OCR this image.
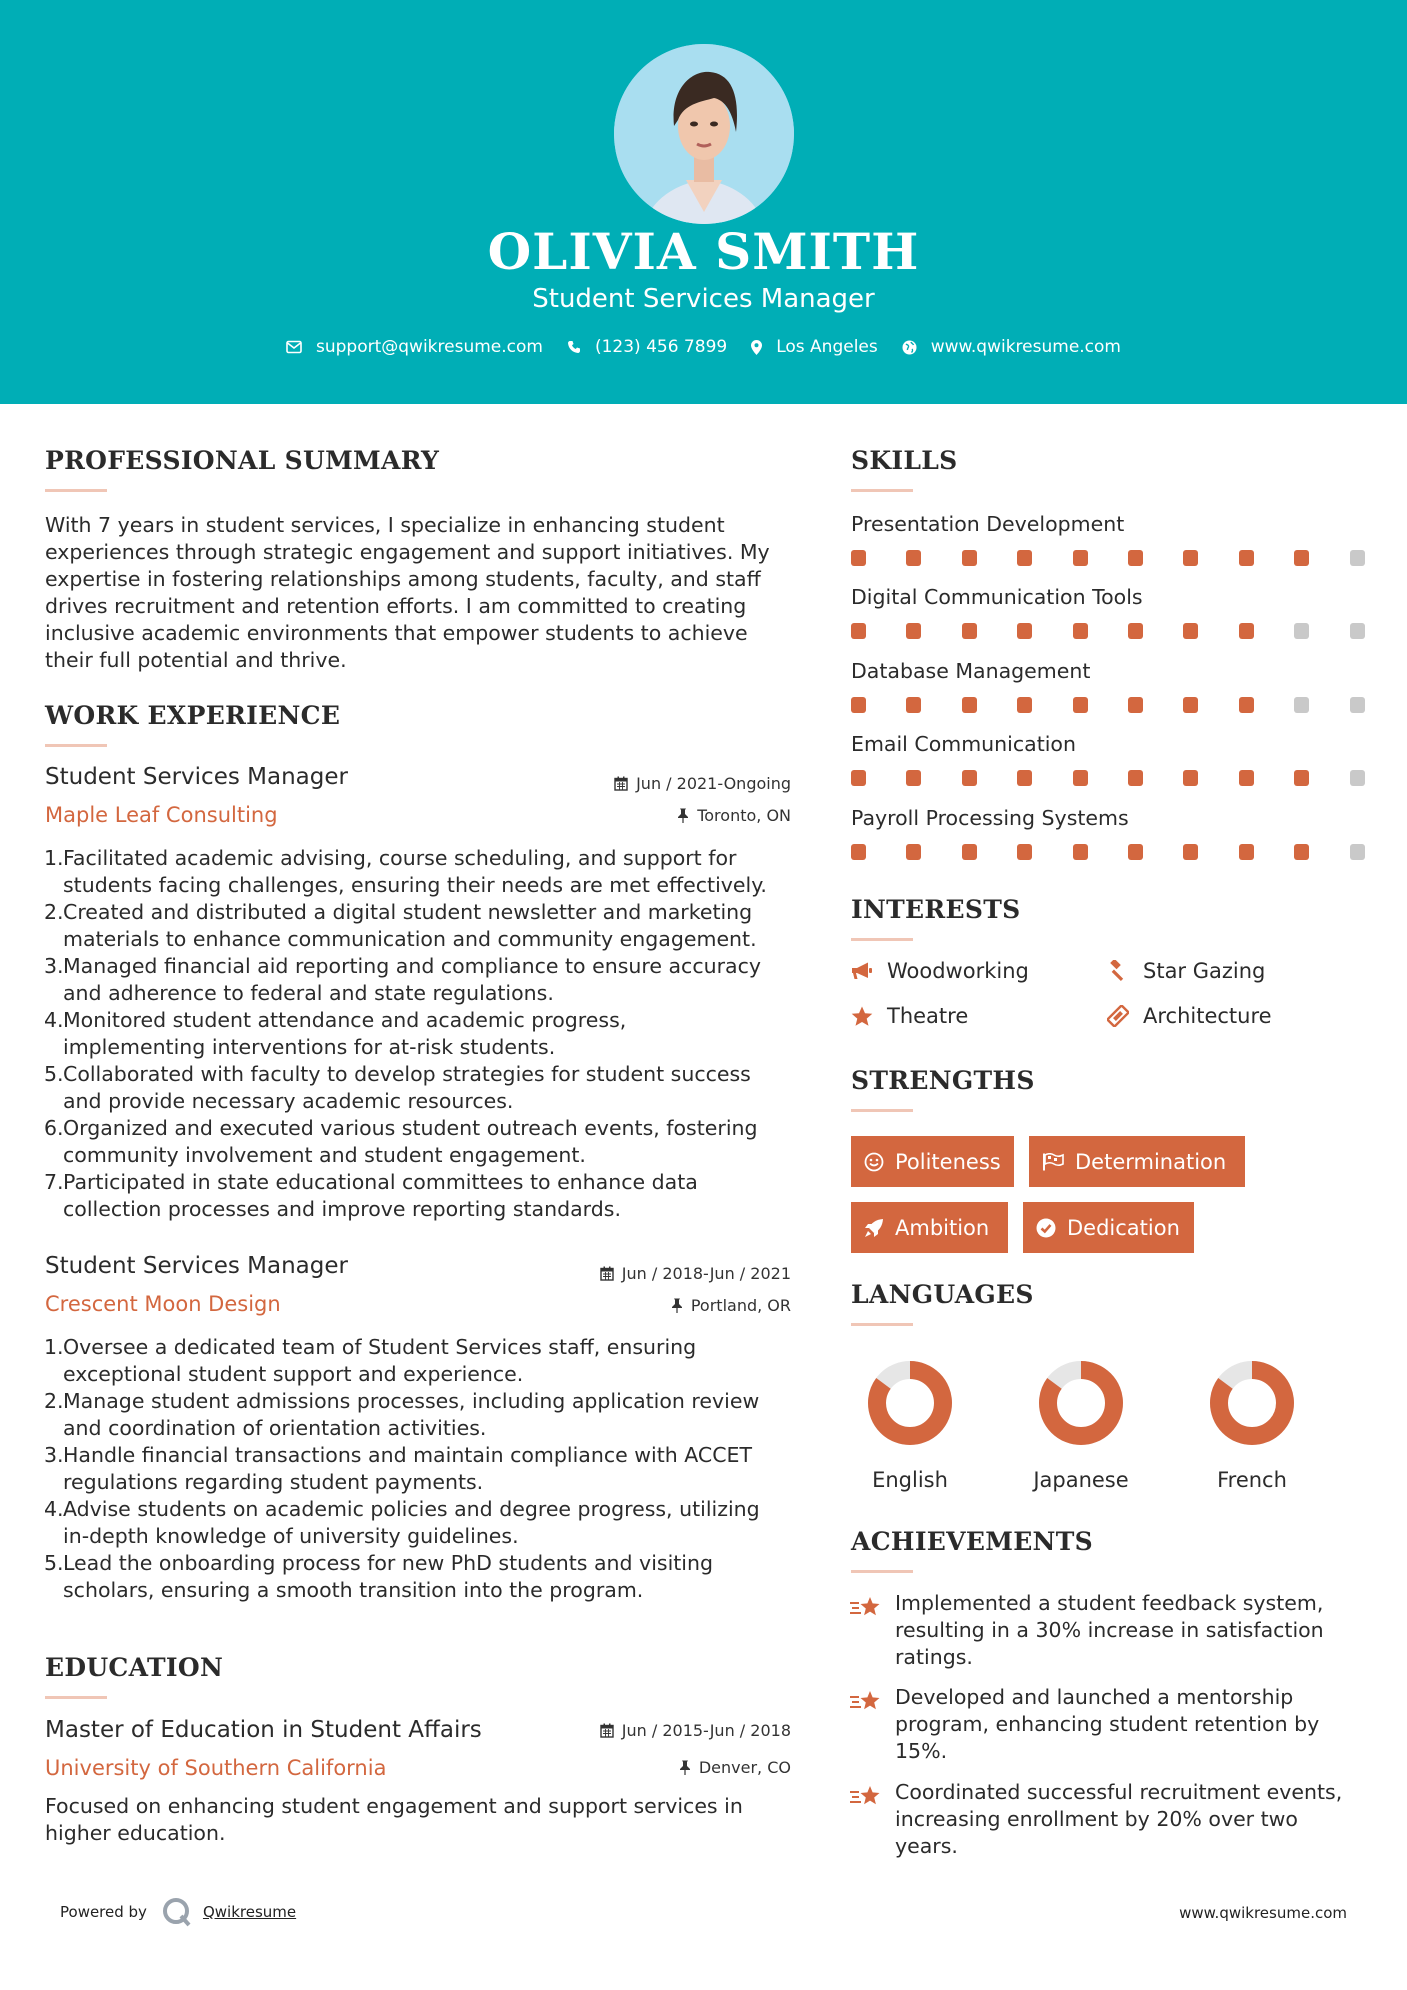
OLIVIA SMITH
Student Services Manager
support@qwikresume.com	(123) 456 7899	Los Angeles	www.qwikresume.com
PROFESSIONAL SUMMARY
With 7 years in student services, I specialize in enhancing student
experiences through strategic engagement and support initiatives. My
expertise in fostering relationships among students, faculty, and staff
drives recruitment and retention efforts. I am committed to creating
inclusive academic environments that empower students to achieve
their full potential and thrive.
WORK EXPERIENCE
Student Services Manager
Maple Leaf Consulting
Jun / 2021-Ongoing
Toronto, ON
Facilitated academic advising, course scheduling, and support for
students facing challenges, ensuring their needs are met effectively.
Created and distributed a digital student newsletter and marketing
materials to enhance communication and community engagement.
Managed financial aid reporting and compliance to ensure accuracy
and adherence to federal and state regulations.
Monitored student attendance and academic progress,
implementing interventions for at-risk students.
Collaborated with faculty to develop strategies for student success
and provide necessary academic resources.
Organized and executed various student outreach events, fostering
community involvement and student engagement.
Participated in state educational committees to enhance data
collection processes and improve reporting standards.
Student Services Manager
Crescent Moon Design
Jun / 2018-Jun / 2021
Portland, OR
Oversee a dedicated team of Student Services staff, ensuring
exceptional student support and experience.
Manage student admissions processes, including application review
and coordination of orientation activities.
Handle financial transactions and maintain compliance with ACCET
regulations regarding student payments.
Advise students on academic policies and degree progress, utilizing
in-depth knowledge of university guidelines.
Lead the onboarding process for new PhD students and visiting
scholars, ensuring a smooth transition into the program.
EDUCATION
Master of Education in Student Affairs
University of Southern California
Jun / 2015-Jun / 2018
Denver, CO
Focused on enhancing student engagement and support services in
higher education.
SKILLS
Presentation Development
Digital Communication Tools
Database Management
Email Communication
Payroll Processing Systems
INTERESTS
Woodworking	Star Gazing
Theatre	Architecture
STRENGTHS
Politeness	Determination
Ambition	Dedication
LANGUAGES
English	Japanese	French
ACHIEVEMENTS
Implemented a student feedback system,
resulting in a 30% increase in satisfaction
ratings.
Developed and launched a mentorship
program, enhancing student retention by
15%.
Coordinated successful recruitment events,
increasing enrollment by 20% over two
years.
Powered by	Qwikresume	www.qwikresume.com
